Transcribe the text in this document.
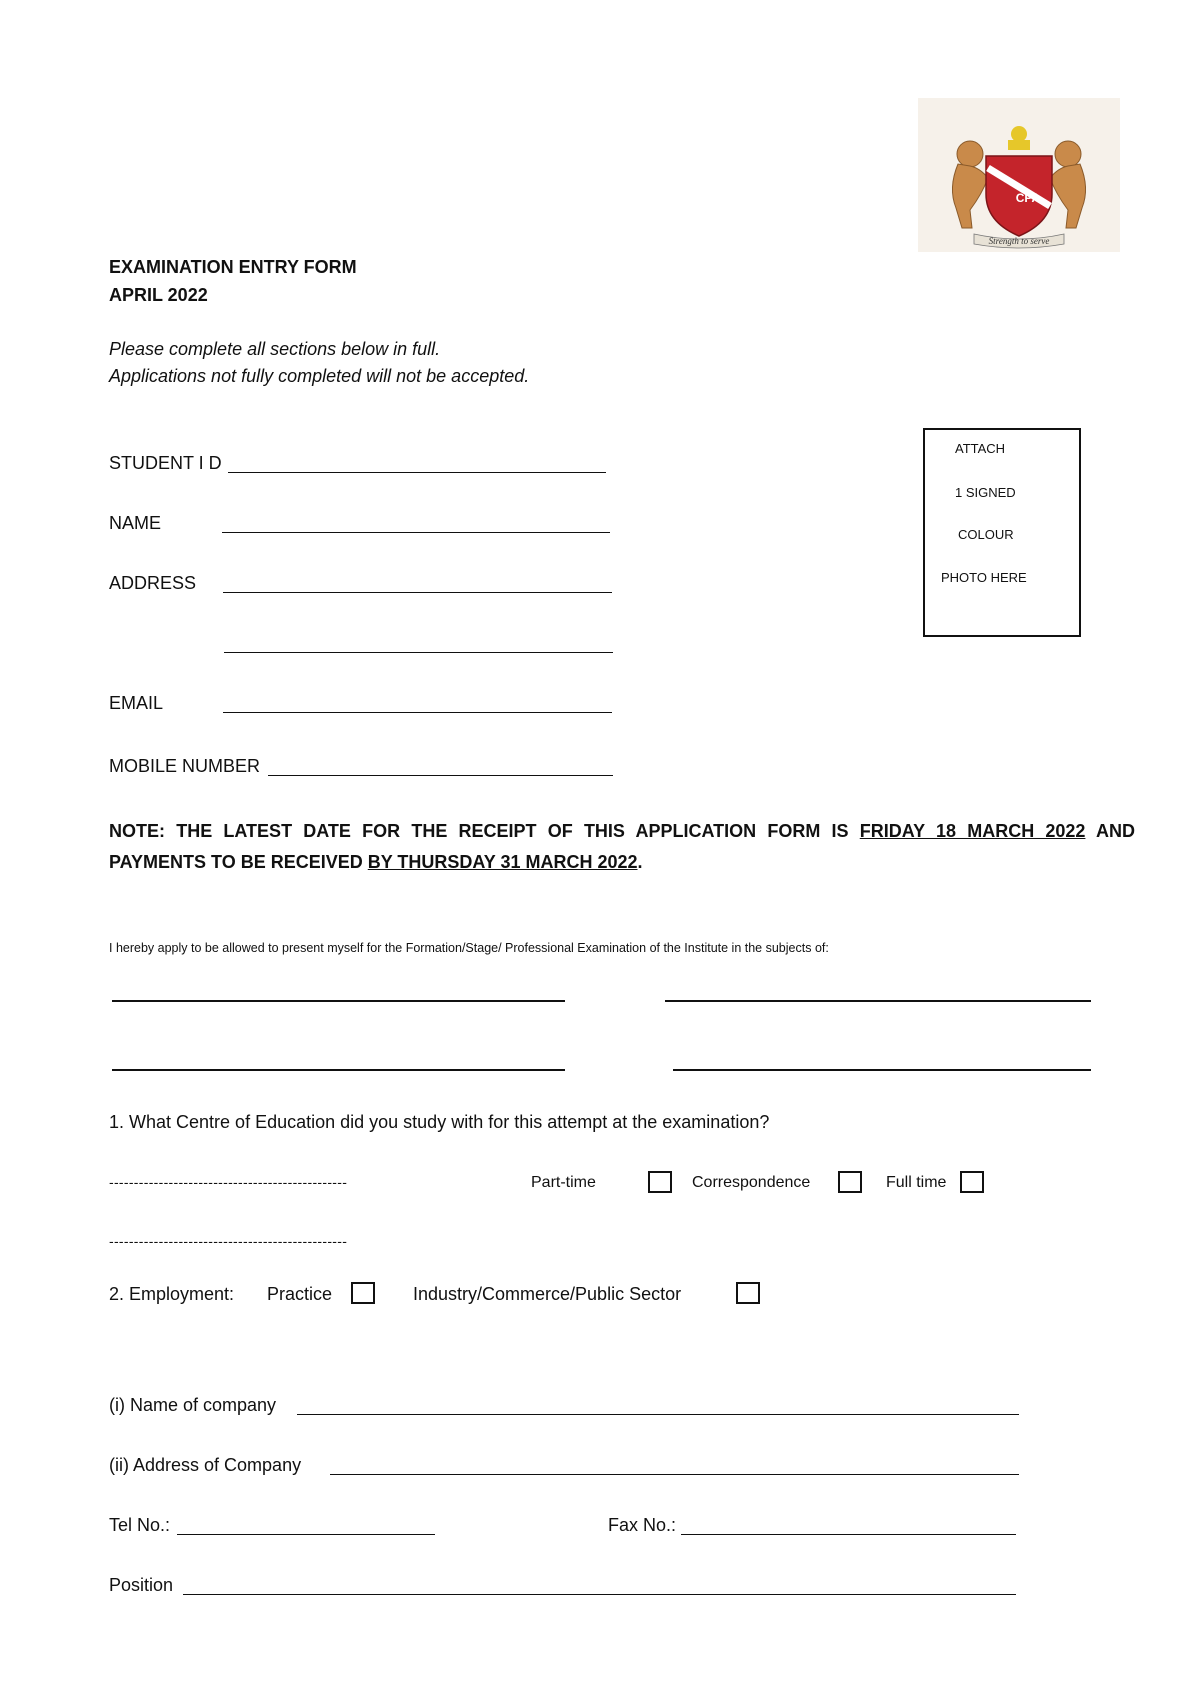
CPA
Strength to serve
EXAMINATION ENTRY FORM
APRIL 2022
Please complete all sections below in full.
Applications not fully completed will not be accepted.
ATTACH
1 SIGNED
COLOUR
PHOTO HERE
STUDENT I D
NAME
ADDRESS
EMAIL
MOBILE NUMBER
NOTE: THE LATEST DATE FOR THE RECEIPT OF THIS APPLICATION FORM IS FRIDAY 18 MARCH 2022 AND
PAYMENTS TO BE RECEIVED BY THURSDAY 31 MARCH 2022.
I hereby apply to be allowed to present myself for the Formation/Stage/ Professional Examination of the Institute in the subjects of:
1. What Centre of Education did you study with for this attempt at the examination?
------------------------------------------------	Part-time	Correspondence	Full time
------------------------------------------------
2. Employment: Practice	Industry/Commerce/Public Sector
(i) Name of company
(ii) Address of Company
Tel No.:	Fax No.:
Position
